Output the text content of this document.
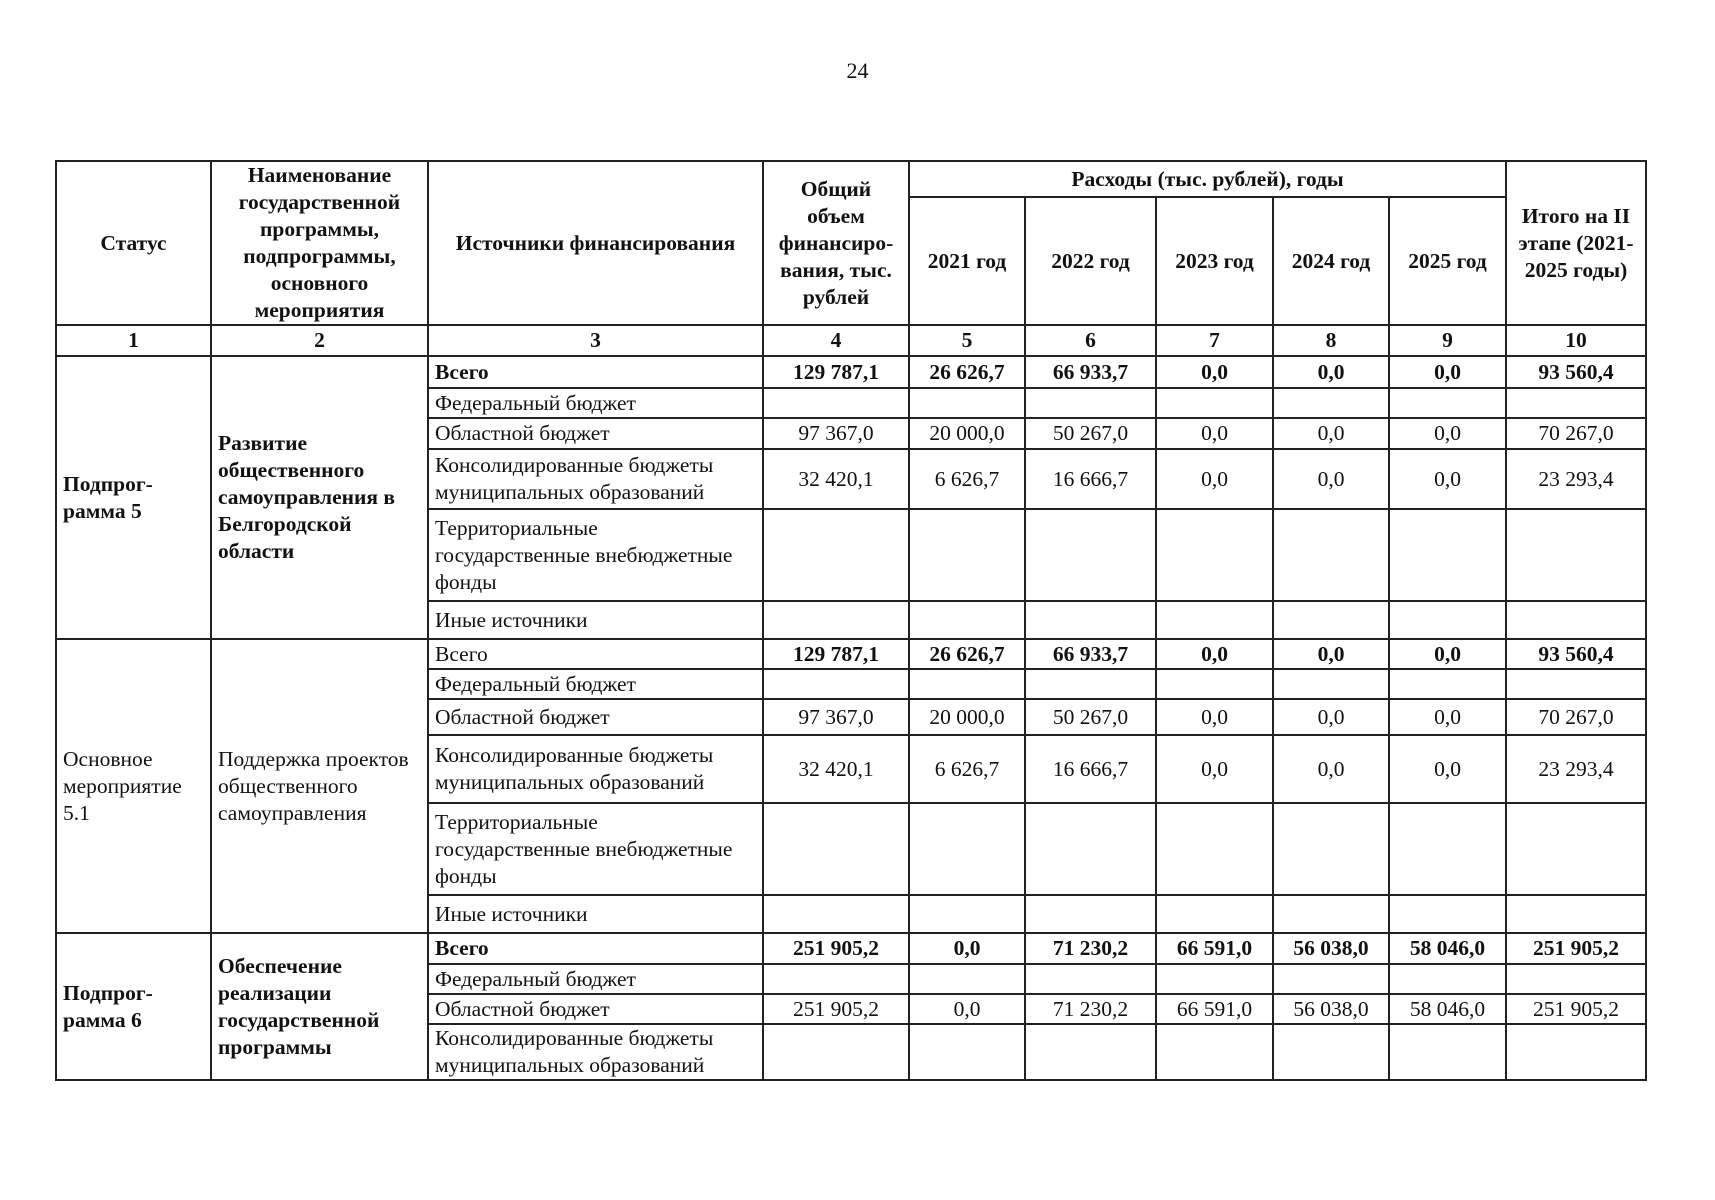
24
Статус	Наименование государственной программы, подпрограммы, основного мероприятия	Источники финансирования	Общий объем финансиро-вания, тыс. рублей	Расходы (тыс. рублей), годы					Итого на II этапе (2021-2025 годы)
				2021 год	2022 год	2023 год	2024 год	2025 год	
1	2	3	4	5	6	7	8	9	10
Подпрог-рамма 5	Развитие общественного самоуправления в Белгородской области	Всего	129 787,1	26 626,7	66 933,7	0,0	0,0	0,0	93 560,4
		Федеральный бюджет							
		Областной бюджет	97 367,0	20 000,0	50 267,0	0,0	0,0	0,0	70 267,0
		Консолидированные бюджеты муниципальных образований	32 420,1	6 626,7	16 666,7	0,0	0,0	0,0	23 293,4
		Территориальные государственные внебюджетные фонды							
		Иные источники							
Основное мероприятие 5.1	Поддержка проектов общественного самоуправления	Всего	129 787,1	26 626,7	66 933,7	0,0	0,0	0,0	93 560,4
		Федеральный бюджет							
		Областной бюджет	97 367,0	20 000,0	50 267,0	0,0	0,0	0,0	70 267,0
		Консолидированные бюджеты муниципальных образований	32 420,1	6 626,7	16 666,7	0,0	0,0	0,0	23 293,4
		Территориальные государственные внебюджетные фонды							
		Иные источники							
Подпрог-рамма 6	Обеспечение реализации государственной программы	Всего	251 905,2	0,0	71 230,2	66 591,0	56 038,0	58 046,0	251 905,2
		Федеральный бюджет							
		Областной бюджет	251 905,2	0,0	71 230,2	66 591,0	56 038,0	58 046,0	251 905,2
		Консолидированные бюджеты муниципальных образований							
